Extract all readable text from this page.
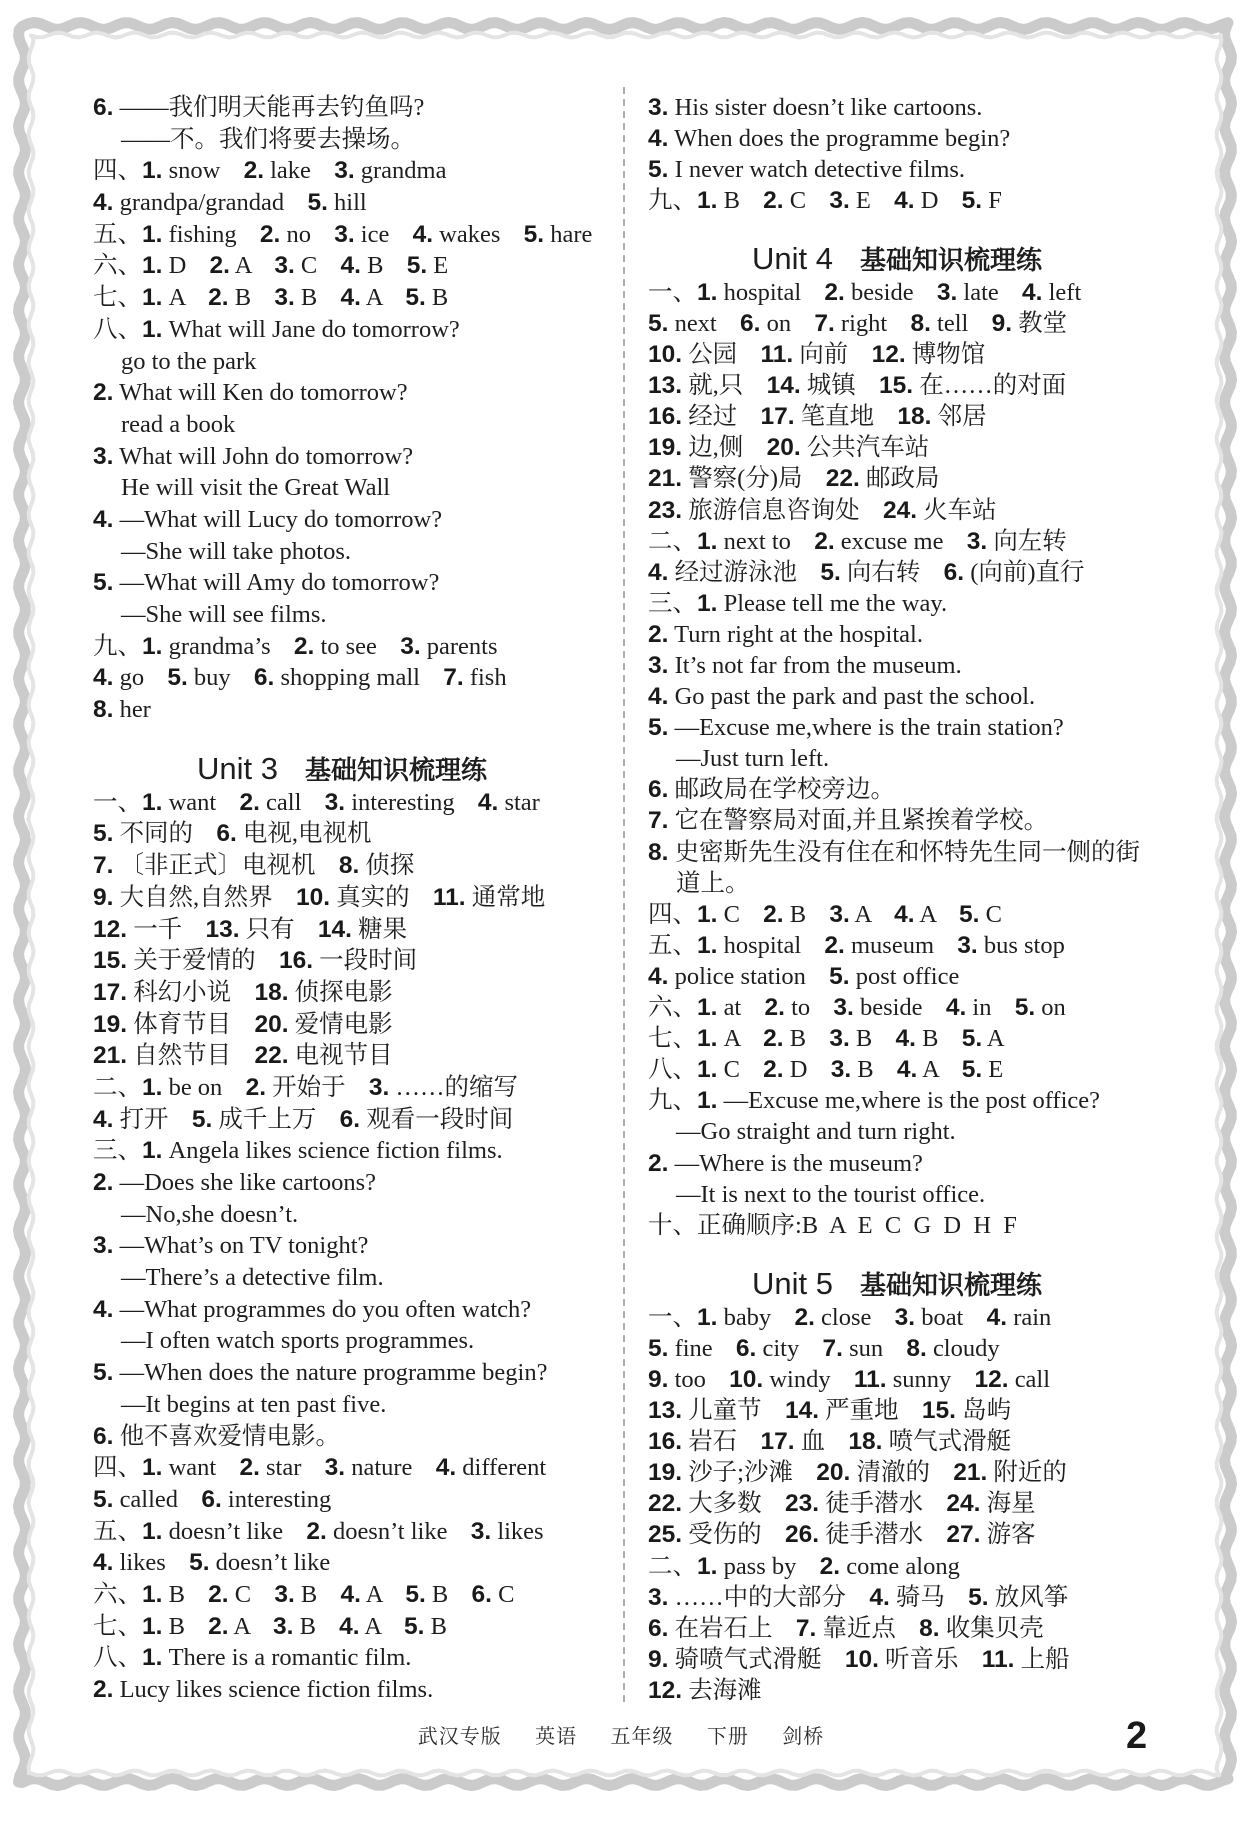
6. ——我们明天能再去钓鱼吗?
——不。我们将要去操场。
四、1. snow  2. lake  3. grandma
4. grandpa/grandad  5. hill
五、1. fishing  2. no  3. ice  4. wakes  5. hare
六、1. D  2. A  3. C  4. B  5. E
七、1. A  2. B  3. B  4. A  5. B
八、1. What will Jane do tomorrow?
go to the park
2. What will Ken do tomorrow?
read a book
3. What will John do tomorrow?
He will visit the Great Wall
4. —What will Lucy do tomorrow?
—She will take photos.
5. —What will Amy do tomorrow?
—She will see films.
九、1. grandma’s  2. to see  3. parents
4. go  5. buy  6. shopping mall  7. fish
8. her
Unit 3 基础知识梳理练
一、1. want  2. call  3. interesting  4. star
5. 不同的  6. 电视,电视机
7. 〔非正式〕电视机  8. 侦探
9. 大自然,自然界  10. 真实的  11. 通常地
12. 一千  13. 只有  14. 糖果
15. 关于爱情的  16. 一段时间
17. 科幻小说  18. 侦探电影
19. 体育节目  20. 爱情电影
21. 自然节目  22. 电视节目
二、1. be on  2. 开始于  3. ……的缩写
4. 打开  5. 成千上万  6. 观看一段时间
三、1. Angela likes science fiction films.
2. —Does she like cartoons?
—No,she doesn’t.
3. —What’s on TV tonight?
—There’s a detective film.
4. —What programmes do you often watch?
—I often watch sports programmes.
5. —When does the nature programme begin?
—It begins at ten past five.
6. 他不喜欢爱情电影。
四、1. want  2. star  3. nature  4. different
5. called  6. interesting
五、1. doesn’t like  2. doesn’t like  3. likes
4. likes  5. doesn’t like
六、1. B  2. C  3. B  4. A  5. B  6. C
七、1. B  2. A  3. B  4. A  5. B
八、1. There is a romantic film.
2. Lucy likes science fiction films.
3. His sister doesn’t like cartoons.
4. When does the programme begin?
5. I never watch detective films.
九、1. B  2. C  3. E  4. D  5. F
Unit 4 基础知识梳理练
一、1. hospital  2. beside  3. late  4. left
5. next  6. on  7. right  8. tell  9. 教堂
10. 公园  11. 向前  12. 博物馆
13. 就,只  14. 城镇  15. 在……的对面
16. 经过  17. 笔直地  18. 邻居
19. 边,侧  20. 公共汽车站
21. 警察(分)局  22. 邮政局
23. 旅游信息咨询处  24. 火车站
二、1. next to  2. excuse me  3. 向左转
4. 经过游泳池  5. 向右转  6. (向前)直行
三、1. Please tell me the way.
2. Turn right at the hospital.
3. It’s not far from the museum.
4. Go past the park and past the school.
5. —Excuse me,where is the train station?
—Just turn left.
6. 邮政局在学校旁边。
7. 它在警察局对面,并且紧挨着学校。
8. 史密斯先生没有住在和怀特先生同一侧的街
道上。
四、1. C  2. B  3. A  4. A  5. C
五、1. hospital  2. museum  3. bus stop
4. police station  5. post office
六、1. at  2. to  3. beside  4. in  5. on
七、1. A  2. B  3. B  4. B  5. A
八、1. C  2. D  3. B  4. A  5. E
九、1. —Excuse me,where is the post office?
—Go straight and turn right.
2. —Where is the museum?
—It is next to the tourist office.
十、正确顺序:B  A  E  C  G  D  H  F
Unit 5 基础知识梳理练
一、1. baby  2. close  3. boat  4. rain
5. fine  6. city  7. sun  8. cloudy
9. too  10. windy  11. sunny  12. call
13. 儿童节  14. 严重地  15. 岛屿
16. 岩石  17. 血  18. 喷气式滑艇
19. 沙子;沙滩  20. 清澈的  21. 附近的
22. 大多数  23. 徒手潜水  24. 海星
25. 受伤的  26. 徒手潜水  27. 游客
二、1. pass by  2. come along
3. ……中的大部分  4. 骑马  5. 放风筝
6. 在岩石上  7. 靠近点  8. 收集贝壳
9. 骑喷气式滑艇  10. 听音乐  11. 上船
12. 去海滩
武汉专版 英语 五年级 下册 剑桥	2
